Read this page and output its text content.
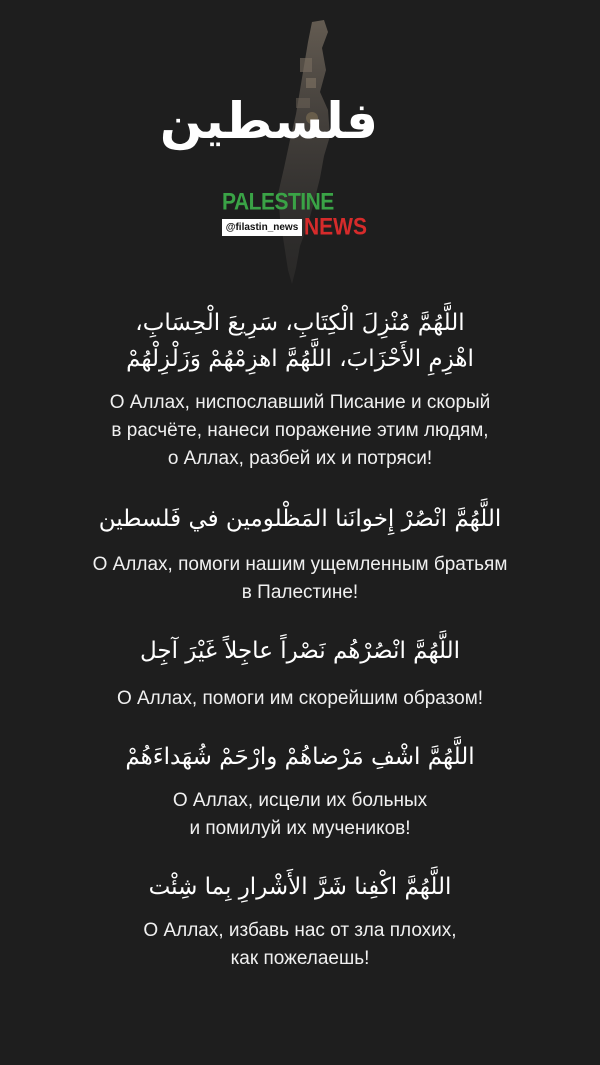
فلسطين
PALESTINE
@filastin_news NEWS

اللَّهُمَّ مُنْزِلَ الْكِتَابِ، سَرِيعَ الْحِسَابِ،

اهْزِمِ الأَحْزَابَ، اللَّهُمَّ اهزِمْهُمْ وَزَلْزِلْهُمْ

О Аллах, ниспославший Писание и скорый

в расчёте, нанеси поражение этим людям,

о Аллах, разбей их и потряси!

اللَّهُمَّ انْصُرْ إِخوانَنا المَظْلومين في فَلسطين

О Аллах, помоги нашим ущемленным братьям

в Палестине!

اللَّهُمَّ انْصُرْهُم نَصْراً عاجِلاً غَيْرَ آجِل

О Аллах, помоги им скорейшим образом!

اللَّهُمَّ اشْفِ مَرْضاهُمْ وارْحَمْ شُهَداءَهُمْ

О Аллах, исцели их больных

и помилуй их мучеников!

اللَّهُمَّ اكْفِنا شَرَّ الأَشْرارِ بِما شِئْت

О Аллах, избавь нас от зла плохих,

как пожелаешь!
